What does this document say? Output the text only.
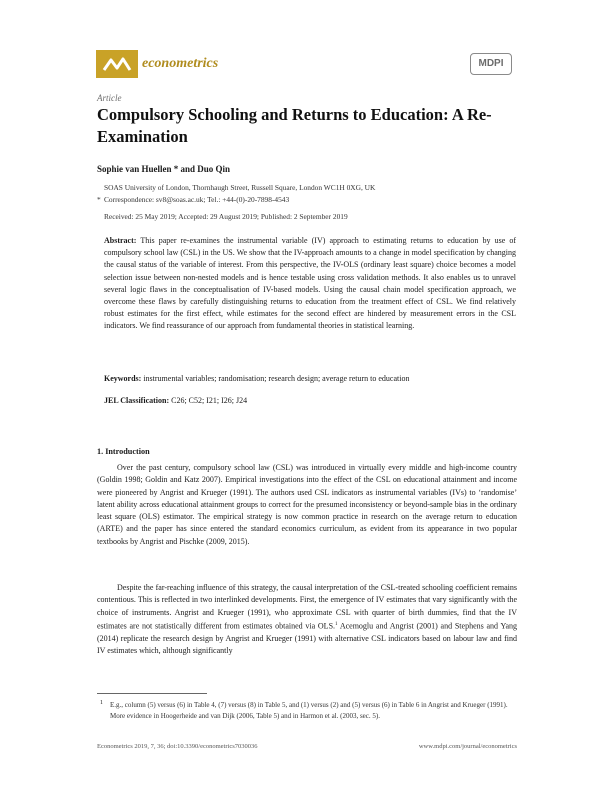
econometrics	MDPI
Article
Compulsory Schooling and Returns to Education: A Re-Examination
Sophie van Huellen * and Duo Qin
SOAS University of London, Thornhaugh Street, Russell Square, London WC1H 0XG, UK
* Correspondence: sv8@soas.ac.uk; Tel.: +44-(0)-20-7898-4543
Received: 25 May 2019; Accepted: 29 August 2019; Published: 2 September 2019
Abstract: This paper re-examines the instrumental variable (IV) approach to estimating returns to education by use of compulsory school law (CSL) in the US. We show that the IV-approach amounts to a change in model specification by changing the causal status of the variable of interest. From this perspective, the IV-OLS (ordinary least square) choice becomes a model selection issue between non-nested models and is hence testable using cross validation methods. It also enables us to unravel several logic flaws in the conceptualisation of IV-based models. Using the causal chain model specification approach, we overcome these flaws by carefully distinguishing returns to education from the treatment effect of CSL. We find relatively robust estimates for the first effect, while estimates for the second effect are hindered by measurement errors in the CSL indicators. We find reassurance of our approach from fundamental theories in statistical learning.
Keywords: instrumental variables; randomisation; research design; average return to education
JEL Classification: C26; C52; I21; I26; J24
1. Introduction
Over the past century, compulsory school law (CSL) was introduced in virtually every middle and high-income country (Goldin 1998; Goldin and Katz 2007). Empirical investigations into the effect of the CSL on educational attainment and income were pioneered by Angrist and Krueger (1991). The authors used CSL indicators as instrumental variables (IVs) to ‘randomise’ latent ability across educational attainment groups to correct for the presumed inconsistency or beyond-sample bias in the ordinary least square (OLS) estimator. The empirical strategy is now common practice in research on the average return to education (ARTE) and the paper has since entered the standard economics curriculum, as evident from its appearance in two popular textbooks by Angrist and Pischke (2009, 2015).
Despite the far-reaching influence of this strategy, the causal interpretation of the CSL-treated schooling coefficient remains contentious. This is reflected in two interlinked developments. First, the emergence of IV estimates that vary significantly with the choice of instruments. Angrist and Krueger (1991), who approximate CSL with quarter of birth dummies, find that the IV estimates are not statistically different from estimates obtained via OLS.$^1$ Acemoglu and Angrist (2001) and Stephens and Yang (2014) replicate the research design by Angrist and Krueger (1991) with alternative CSL indicators based on labour law and find IV estimates which, although significantly
1 E.g., column (5) versus (6) in Table 4, (7) versus (8) in Table 5, and (1) versus (2) and (5) versus (6) in Table 6 in Angrist and Krueger (1991). More evidence in Hoogerheide and van Dijk (2006, Table 5) and in Harmon et al. (2003, sec. 5).
Econometrics 2019, 7, 36; doi:10.3390/econometrics7030036	www.mdpi.com/journal/econometrics
